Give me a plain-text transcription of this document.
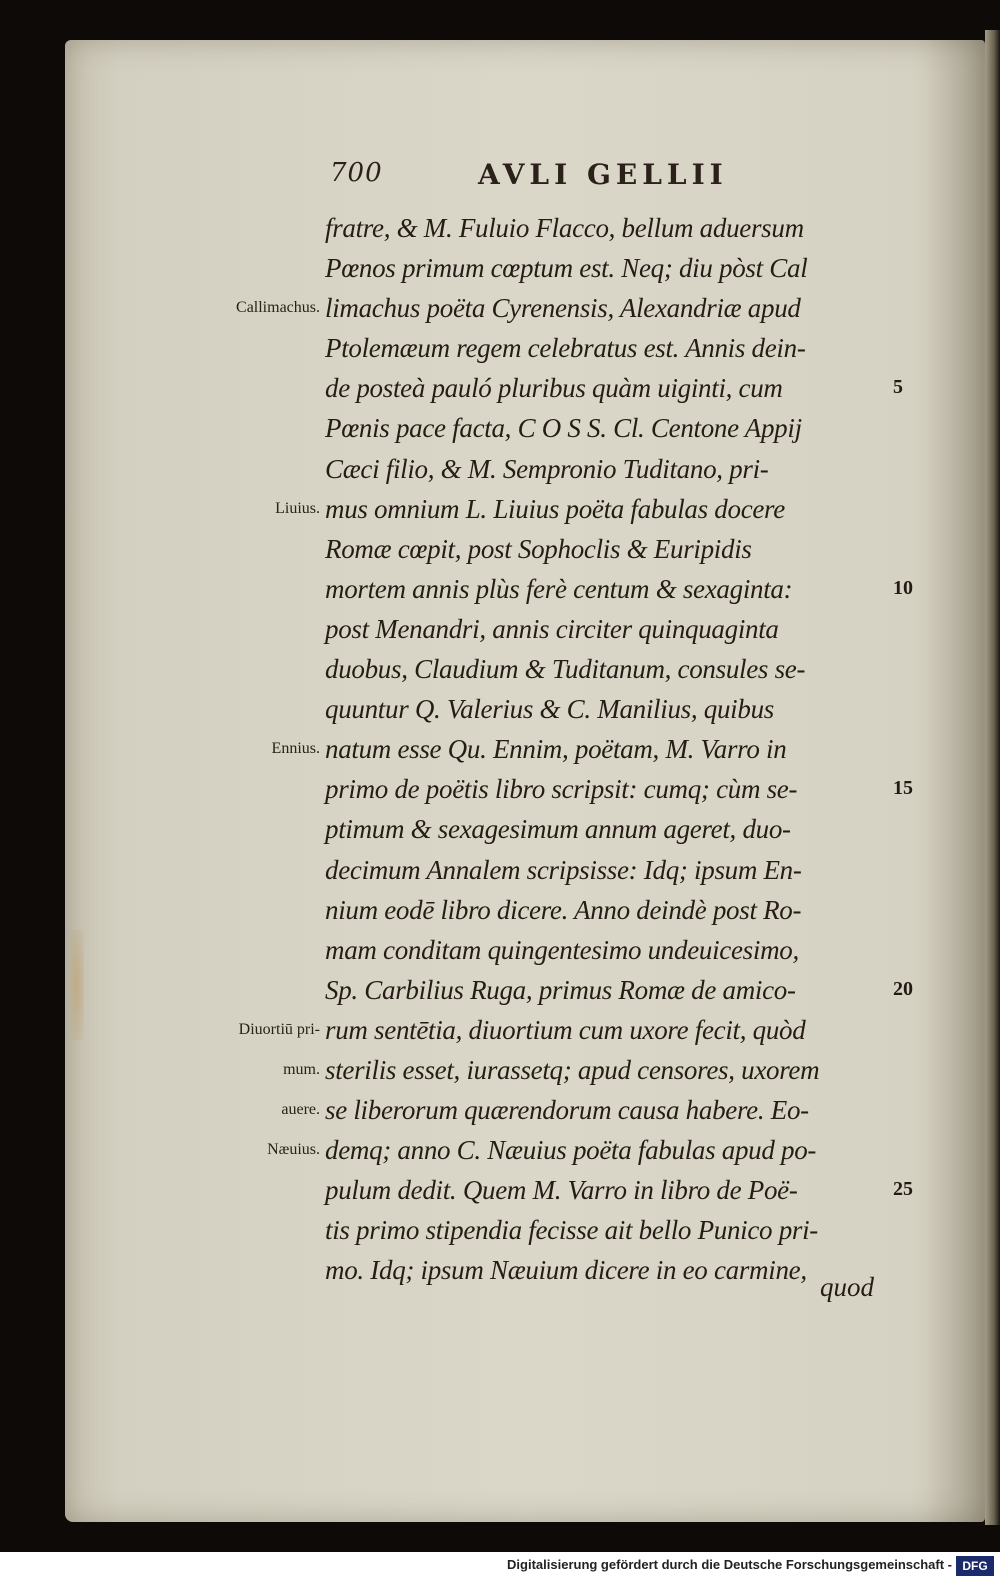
700	AVLI GELLII
fratre, & M. Fuluio Flacco, bellum aduersum
Pœnos primum cœptum est. Neq; diu pòst Cal
limachus poëta Cyrenensis, Alexandriæ apud
Ptolemæum regem celebratus est. Annis dein-
de posteà pauló pluribus quàm uiginti, cum
Pœnis pace facta, C O S S. Cl. Centone Appij
Cæci filio, & M. Sempronio Tuditano, pri-
mus omnium L. Liuius poëta fabulas docere
Romæ cœpit, post Sophoclis & Euripidis
mortem annis plùs ferè centum & sexaginta:
post Menandri, annis circiter quinquaginta
duobus, Claudium & Tuditanum, consules se-
quuntur Q. Valerius & C. Manilius, quibus
natum esse Qu. Ennim, poëtam, M. Varro in
primo de poëtis libro scripsit: cumq; cùm se-
ptimum & sexagesimum annum ageret, duo-
decimum Annalem scripsisse: Idq; ipsum En-
nium eodē libro dicere. Anno deindè post Ro-
mam conditam quingentesimo undeuicesimo,
Sp. Carbilius Ruga, primus Romæ de amico-
rum sentētia, diuortium cum uxore fecit, quòd
sterilis esset, iurassetq; apud censores, uxorem
se liberorum quærendorum causa habere. Eo-
demq; anno C. Næuius poëta fabulas apud po-
pulum dedit. Quem M. Varro in libro de Poë-
tis primo stipendia fecisse ait bello Punico pri-
mo. Idq; ipsum Næuium dicere in eo carmine,
Callimachus.
Liuius.
Ennius.
Diuortiū pri-
mum.
auere.
Næuius.
5
10
15
20
25
quod
Digitalisierung gefördert durch die Deutsche Forschungsgemeinschaft - DFG
